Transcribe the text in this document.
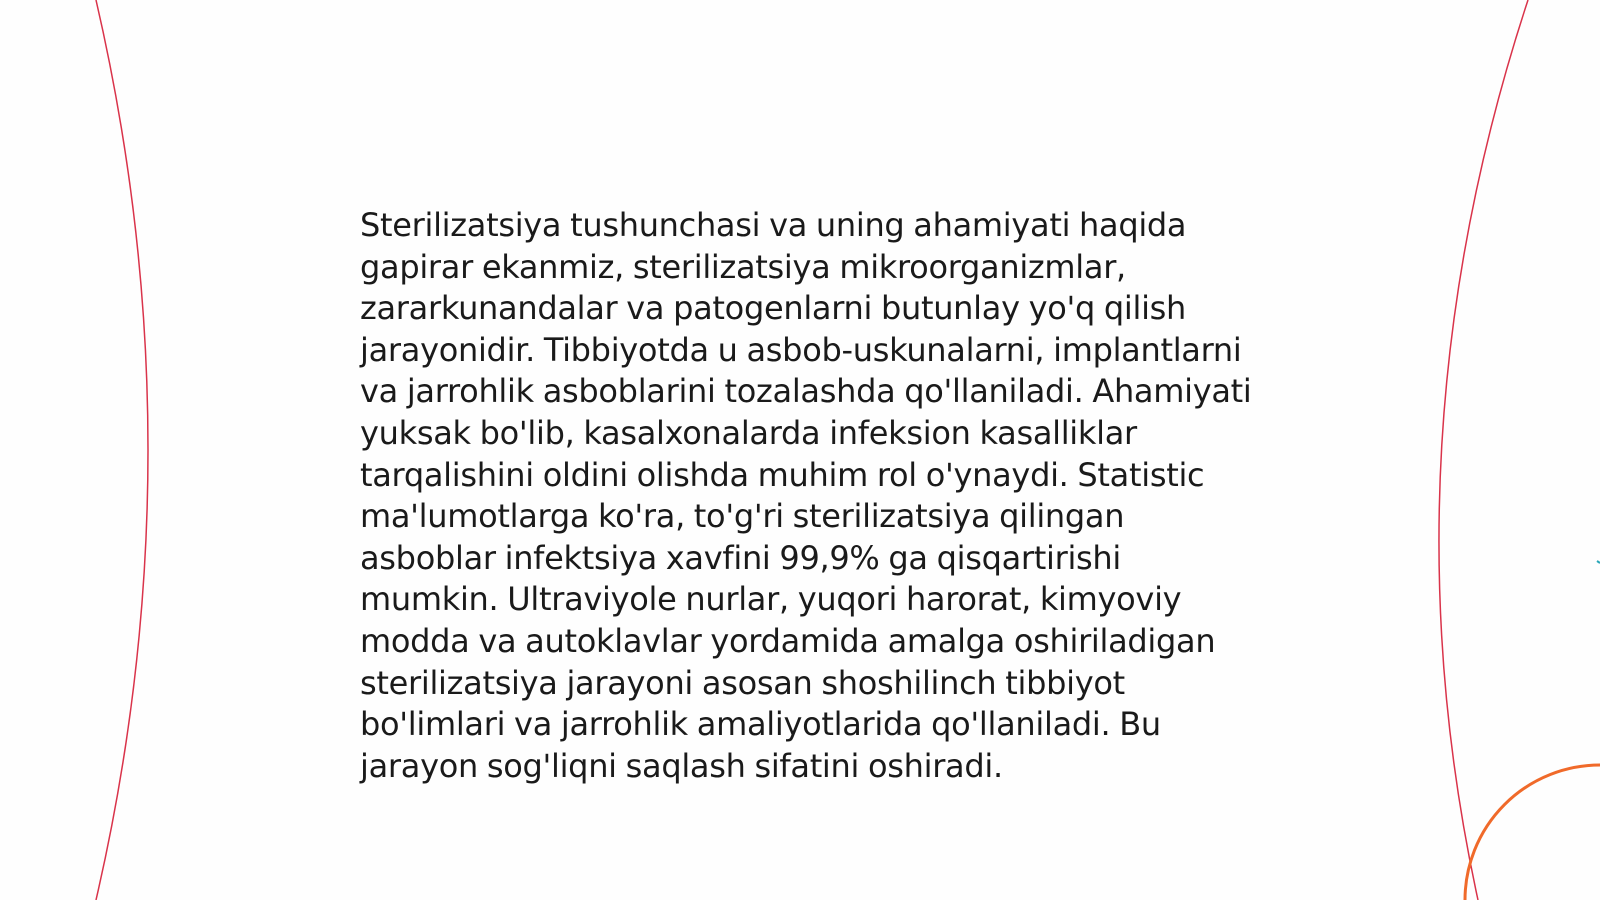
Sterilizatsiya tushunchasi va uning ahamiyati haqida gapirar ekanmiz, sterilizatsiya mikroorganizmlar, zararkunandalar va patogenlarni butunlay yo'q qilish jarayonidir. Tibbiyotda u asbob-uskunalarni, implantlarni va jarrohlik asboblarini tozalashda qo'llaniladi. Ahamiyati yuksak bo'lib, kasalxonalarda infeksion kasalliklar tarqalishini oldini olishda muhim rol o'ynaydi. Statistic ma'lumotlarga ko'ra, to'g'ri sterilizatsiya qilingan asboblar infektsiya xavfini 99,9% ga qisqartirishi mumkin. Ultraviyole nurlar, yuqori harorat, kimyoviy modda va autoklavlar yordamida amalga oshiriladigan sterilizatsiya jarayoni asosan shoshilinch tibbiyot bo'limlari va jarrohlik amaliyotlarida qo'llaniladi. Bu jarayon sog'liqni saqlash sifatini oshiradi.
